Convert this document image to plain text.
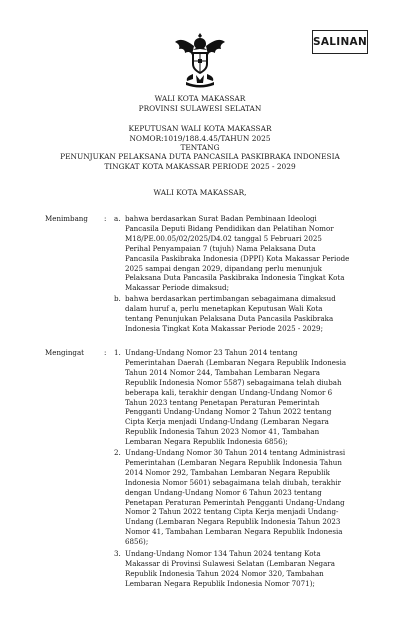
SALINAN
WALI KOTA MAKASSAR
PROVINSI SULAWESI SELATAN
KEPUTUSAN WALI KOTA MAKASSAR
NOMOR:1019/188.4.45/TAHUN 2025
TENTANG
PENUNJUKAN PELAKSANA DUTA PANCASILA PASKIBRAKA INDONESIA
TINGKAT KOTA MAKASSAR PERIODE 2025 - 2029
WALI KOTA MAKASSAR,
Menimbang : a. bahwa berdasarkan Surat Badan Pembinaan Ideologi
Pancasila Deputi Bidang Pendidikan dan Pelatihan Nomor
M18/PE.00.05/02/2025/D4.02 tanggal 5 Februari 2025
Perihal Penyampaian 7 (tujuh) Nama Pelaksana Duta
Pancasila Paskibraka Indonesia (DPPI) Kota Makassar Periode
2025 sampai dengan 2029, dipandang perlu menunjuk
Pelaksana Duta Pancasila Paskibraka Indonesia Tingkat Kota
Makassar Periode dimaksud;
b. bahwa berdasarkan pertimbangan sebagaimana dimaksud
dalam huruf a, perlu menetapkan Keputusan Wali Kota
tentang Penunjukan Pelaksana Duta Pancasila Paskibraka
Indonesia Tingkat Kota Makassar Periode 2025 - 2029;
Mengingat	: 1. Undang-Undang Nomor 23 Tahun 2014 tentang
Pemerintahan Daerah (Lembaran Negara Republik Indonesia
Tahun 2014 Nomor 244, Tambahan Lembaran Negara
Republik Indonesia Nomor 5587) sebagaimana telah diubah
beberapa kali, terakhir dengan Undang-Undang Nomor 6
Tahun 2023 tentang Penetapan Peraturan Pemerintah
Pengganti Undang-Undang Nomor 2 Tahun 2022 tentang
Cipta Kerja menjadi Undang-Undang (Lembaran Negara
Republik Indonesia Tahun 2023 Nomor 41, Tambahan
Lembaran Negara Republik Indonesia 6856);
2. Undang-Undang Nomor 30 Tahun 2014 tentang Administrasi
Pemerintahan (Lembaran Negara Republik Indonesia Tahun
2014 Nomor 292, Tambahan Lembaran Negara Republik
Indonesia Nomor 5601) sebagaimana telah diubah, terakhir
dengan Undang-Undang Nomor 6 Tahun 2023 tentang
Penetapan Peraturan Pemerintah Pengganti Undang-Undang
Nomor 2 Tahun 2022 tentang Cipta Kerja menjadi Undang-
Undang (Lembaran Negara Republik Indonesia Tahun 2023
Nomor 41, Tambahan Lembaran Negara Republik Indonesia
6856);
3. Undang-Undang Nomor 134 Tahun 2024 tentang Kota
Makassar di Provinsi Sulawesi Selatan (Lembaran Negara
Republik Indonesia Tahun 2024 Nomor 320, Tambahan
Lembaran Negara Republik Indonesia Nomor 7071);
